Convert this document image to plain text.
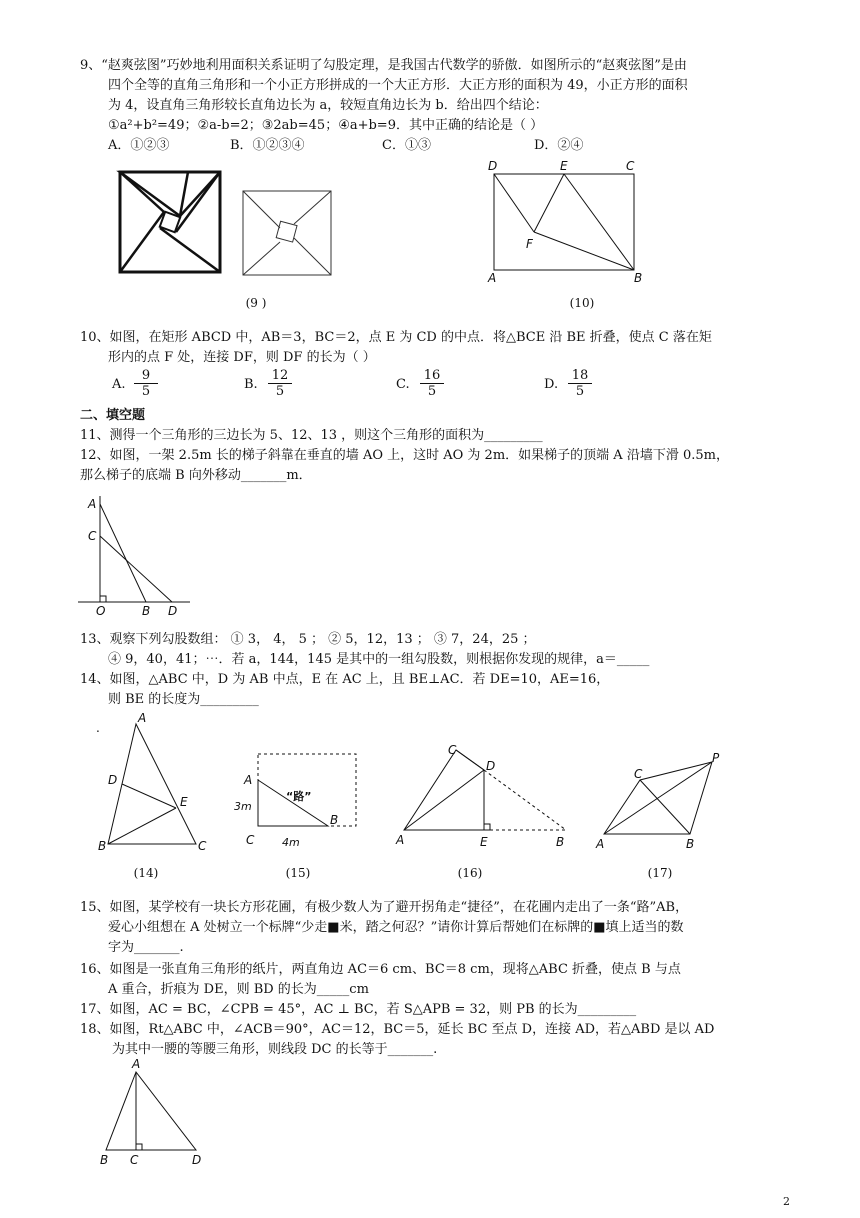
9、“赵爽弦图”巧妙地利用面积关系证明了勾股定理，是我国古代数学的骄傲．如图所示的“赵爽弦图”是由
四个全等的直角三角形和一个小正方形拼成的一个大正方形．大正方形的面积为 49，小正方形的面积
为 4，设直角三角形较长直角边长为 a，较短直角边长为 b．给出四个结论：
①a²+b²=49；②a-b=2；③2ab=45；④a+b=9．其中正确的结论是（ ）
A．①②③	B．①②③④	C．①③	D．②④
(9 )
D	E	C
F
A	B
(10)
10、如图，在矩形 ABCD 中，AB＝3，BC＝2，点 E 为 CD 的中点．将△BCE 沿 BE 折叠，使点 C 落在矩
形内的点 F 处，连接 DF，则 DF 的长为（ ）
A. $\frac{9}{5}$	B. $\frac{12}{5}$	C. $\frac{16}{5}$	D. $\frac{18}{5}$
二、填空题
11、测得一个三角形的三边长为 5、12、13 ，则这个三角形的面积为_________
12、如图，一架 2.5m 长的梯子斜靠在垂直的墙 AO 上，这时 AO 为 2m．如果梯子的顶端 A 沿墙下滑 0.5m，
那么梯子的底端 B 向外移动_______m．
A
C
O	B D
13、观察下列勾股数组： ① 3， 4， 5 ； ② 5，12，13 ； ③ 7，24，25 ；
④ 9，40，41；⋯．若 a，144，145 是其中的一组勾股数，则根据你发现的规律，a＝_____
14、如图，△ABC 中，D 为 AB 中点，E 在 AC 上，且 BE⊥AC．若 DE=10，AE=16，
则 BE 的长度为_________
.
A
D
E
B	C
(14)
A
B
C
3m
4m
“路”
(15)
C
D
A	E	B
(16)
C
P
A	B
(17)
15、如图，某学校有一块长方形花圃，有极少数人为了避开拐角走“捷径”，在花圃内走出了一条“路”AB，
爱心小组想在 A 处树立一个标牌“少走■米，踏之何忍？”请你计算后帮她们在标牌的■填上适当的数
字为_______.
16、如图是一张直角三角形的纸片，两直角边 AC＝6 cm、BC＝8 cm，现将△ABC 折叠，使点 B 与点
A 重合，折痕为 DE，则 BD 的长为_____cm
17、如图，AC = BC，∠CPB = 45°，AC ⊥ BC，若 S△APB = 32，则 PB 的长为_________
18、如图，Rt△ABC 中，∠ACB＝90°，AC＝12，BC＝5，延长 BC 至点 D，连接 AD，若△ABD 是以 AD
为其中一腰的等腰三角形，则线段 DC 的长等于_______.
A
B C	D
2
